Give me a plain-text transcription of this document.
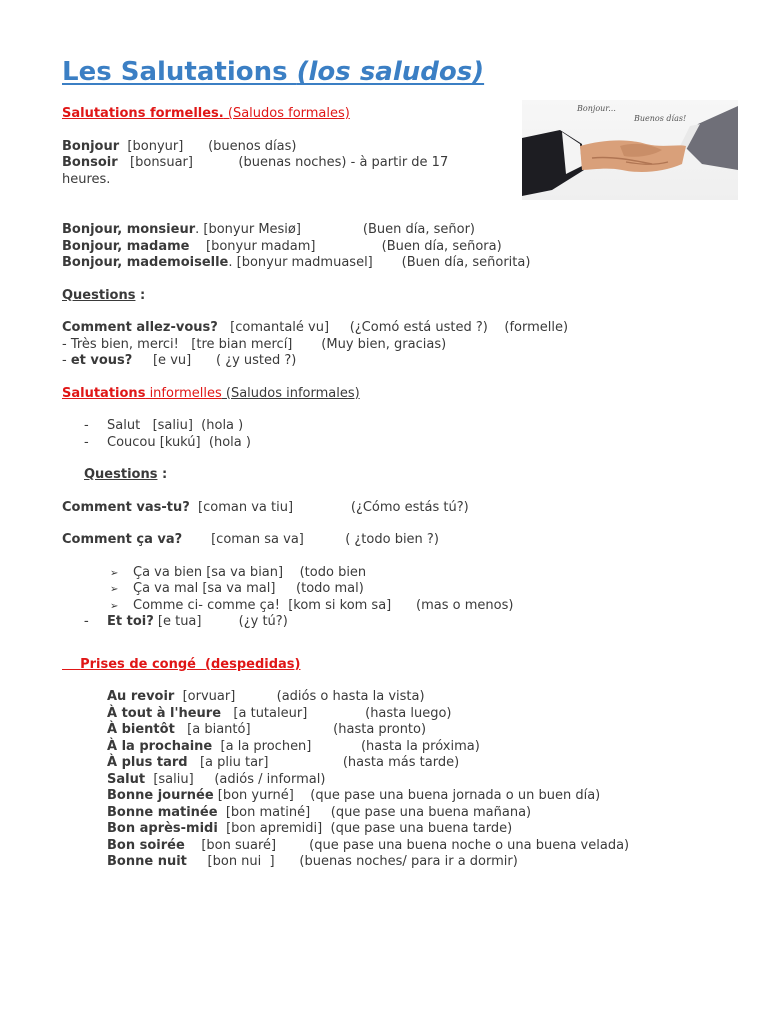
Bonjour...
Buenos días!
Les Salutations (los saludos)
Salutations formelles. (Saludos formales)
Bonjour  [bonyur]      (buenos días)
Bonsoir   [bonsuar]           (buenas noches) - à partir de 17
heures.
Bonjour, monsieur. [bonyur Mesiø]               (Buen día, señor)
Bonjour, madame    [bonyur madam]                (Buen día, señora)
Bonjour, mademoiselle. [bonyur madmuasel]       (Buen día, señorita)
Questions :
Comment allez-vous?   [comantalé vu]     (¿Comó está usted ?)    (formelle)
- Très bien, merci!   [tre bian mercí]       (Muy bien, gracias)
- et vous?     [e vu]      ( ¿y usted ?)
Salutations informelles (Saludos informales)
- Salut   [saliu]  (hola )
- Coucou [kukú]  (hola )
Questions :
Comment vas-tu?  [coman va tiu]              (¿Cómo estás tú?)
Comment ça va?       [coman sa va]          ( ¿todo bien ?)
➢ Ça va bien [sa va bian]    (todo bien
➢ Ça va mal [sa va mal]     (todo mal)
➢ Comme ci- comme ça!  [kom si kom sa]      (mas o menos)
- Et toi? [e tua]         (¿y tú?)
Prises de congé  (despedidas)
Au revoir  [orvuar]          (adiós o hasta la vista)
À tout à l'heure   [a tutaleur]              (hasta luego)
À bientôt   [a biantó]                    (hasta pronto)
À la prochaine  [a la prochen]            (hasta la próxima)
À plus tard   [a pliu tar]                  (hasta más tarde)
Salut  [saliu]     (adiós / informal)
Bonne journée [bon yurné]    (que pase una buena jornada o un buen día)
Bonne matinée  [bon matiné]     (que pase una buena mañana)
Bon après-midi  [bon apremidi]  (que pase una buena tarde)
Bon soirée    [bon suaré]        (que pase una buena noche o una buena velada)
Bonne nuit     [bon nui  ]      (buenas noches/ para ir a dormir)
